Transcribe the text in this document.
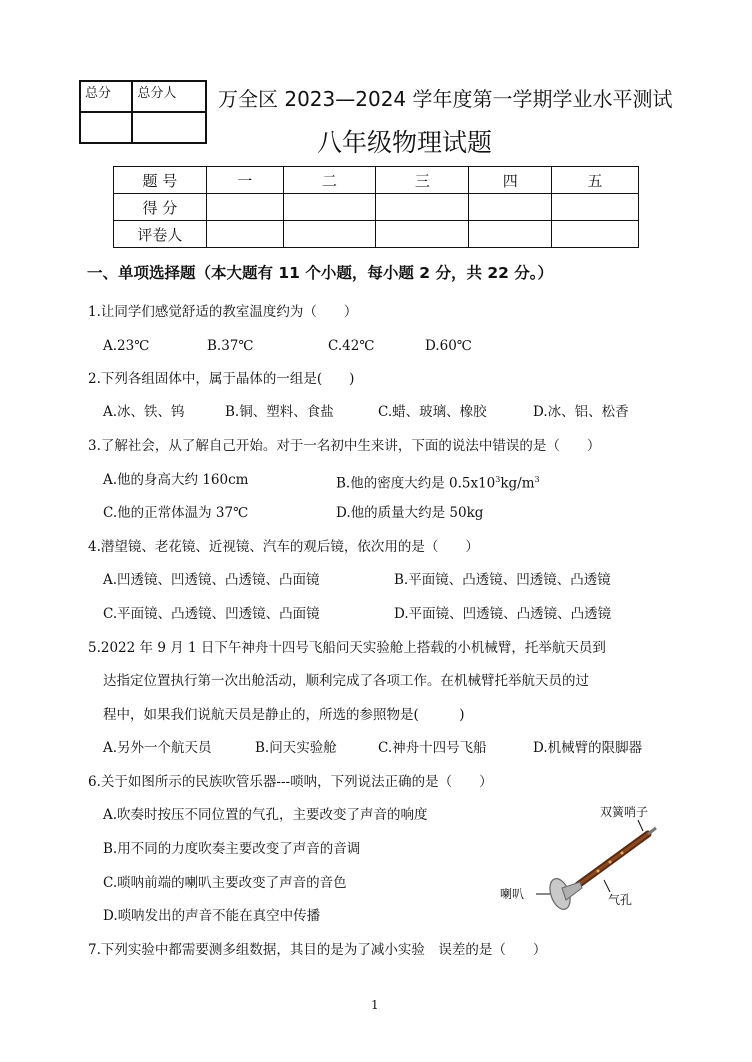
总分	总分人
	万全区 2023—2024 学年度第一学期学业水平测试
八年级物理试题
题 号	一	二	三	四	五
得 分					
评卷人					
一、单项选择题（本大题有 11 个小题，每小题 2 分，共 22 分。）
1.让同学们感觉舒适的教室温度约为（　　）
A.23℃	B.37℃	C.42℃	D.60℃
2.下列各组固体中，属于晶体的一组是(　　)
A.冰、铁、钨	B.铜、塑料、食盐	C.蜡、玻璃、橡胶	D.冰、铝、松香
3.了解社会，从了解自己开始。对于一名初中生来讲，下面的说法中错误的是（　　）
A.他的身高大约 160cm	B.他的密度大约是 $0.5x10^3kg/m^3$
C.他的正常体温为 37℃	D.他的质量大约是 50kg
4.潜望镜、老花镜、近视镜、汽车的观后镜，依次用的是（　　）
A.凹透镜、凹透镜、凸透镜、凸面镜	B.平面镜、凸透镜、凹透镜、凸透镜
C.平面镜、凸透镜、凹透镜、凸面镜	D.平面镜、凹透镜、凸透镜、凸透镜
5.2022 年 9 月 1 日下午神舟十四号飞船问天实验舱上搭载的小机械臂，托举航天员到
达指定位置执行第一次出舱活动，顺利完成了各项工作。在机械臂托举航天员的过
程中，如果我们说航天员是静止的，所选的参照物是(　　　)
A.另外一个航天员	B.问天实验舱	C.神舟十四号飞船	D.机械臂的限脚器
6.关于如图所示的民族吹管乐器---唢呐，下列说法正确的是（　　）
A.吹奏时按压不同位置的气孔，主要改变了声音的响度
B.用不同的力度吹奏主要改变了声音的音调
C.唢呐前端的喇叭主要改变了声音的音色
D.唢呐发出的声音不能在真空中传播
双簧哨子
喇叭	气孔
7.下列实验中都需要测多组数据，其目的是为了减小实验　误差的是（　　）
1
